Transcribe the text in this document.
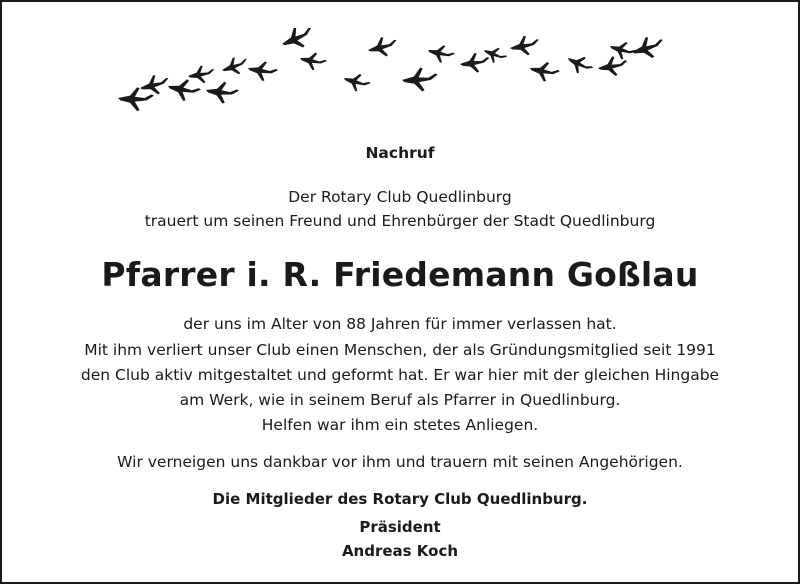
Nachruf
Der Rotary Club Quedlinburg
trauert um seinen Freund und Ehrenbürger der Stadt Quedlinburg
Pfarrer i. R. Friedemann Goßlau
der uns im Alter von 88 Jahren für immer verlassen hat.
Mit ihm verliert unser Club einen Menschen, der als Gründungsmitglied seit 1991
den Club aktiv mitgestaltet und geformt hat. Er war hier mit der gleichen Hingabe
am Werk, wie in seinem Beruf als Pfarrer in Quedlinburg.
Helfen war ihm ein stetes Anliegen.
Wir verneigen uns dankbar vor ihm und trauern mit seinen Angehörigen.
Die Mitglieder des Rotary Club Quedlinburg.
Präsident
Andreas Koch
